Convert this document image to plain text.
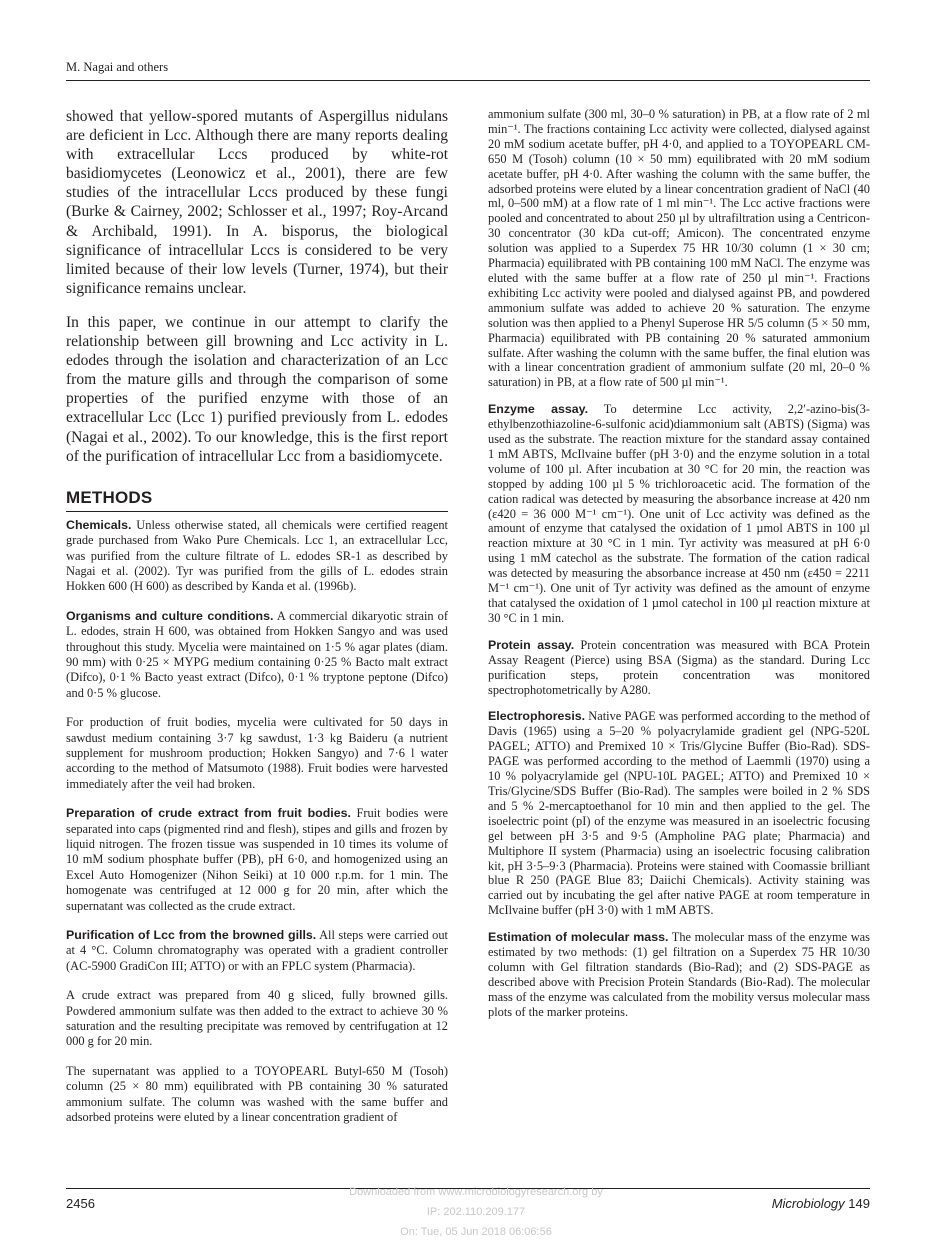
M. Nagai and others

showed that yellow-spored mutants of Aspergillus nidulans are deficient in Lcc. Although there are many reports dealing with extracellular Lccs produced by white-rot basidiomycetes (Leonowicz et al., 2001), there are few studies of the intracellular Lccs produced by these fungi (Burke & Cairney, 2002; Schlosser et al., 1997; Roy-Arcand & Archibald, 1991). In A. bisporus, the biological significance of intracellular Lccs is considered to be very limited because of their low levels (Turner, 1974), but their significance remains unclear.

In this paper, we continue in our attempt to clarify the relationship between gill browning and Lcc activity in L. edodes through the isolation and characterization of an Lcc from the mature gills and through the comparison of some properties of the purified enzyme with those of an extracellular Lcc (Lcc 1) purified previously from L. edodes (Nagai et al., 2002). To our knowledge, this is the first report of the purification of intracellular Lcc from a basidiomycete.

METHODS

Chemicals. Unless otherwise stated, all chemicals were certified reagent grade purchased from Wako Pure Chemicals. Lcc 1, an extracellular Lcc, was purified from the culture filtrate of L. edodes SR-1 as described by Nagai et al. (2002). Tyr was purified from the gills of L. edodes strain Hokken 600 (H 600) as described by Kanda et al. (1996b).

Organisms and culture conditions. A commercial dikaryotic strain of L. edodes, strain H 600, was obtained from Hokken Sangyo and was used throughout this study. Mycelia were maintained on 1·5 % agar plates (diam. 90 mm) with 0·25 × MYPG medium containing 0·25 % Bacto malt extract (Difco), 0·1 % Bacto yeast extract (Difco), 0·1 % tryptone peptone (Difco) and 0·5 % glucose.

For production of fruit bodies, mycelia were cultivated for 50 days in sawdust medium containing 3·7 kg sawdust, 1·3 kg Baideru (a nutrient supplement for mushroom production; Hokken Sangyo) and 7·6 l water according to the method of Matsumoto (1988). Fruit bodies were harvested immediately after the veil had broken.

Preparation of crude extract from fruit bodies. Fruit bodies were separated into caps (pigmented rind and flesh), stipes and gills and frozen by liquid nitrogen. The frozen tissue was suspended in 10 times its volume of 10 mM sodium phosphate buffer (PB), pH 6·0, and homogenized using an Excel Auto Homogenizer (Nihon Seiki) at 10 000 r.p.m. for 1 min. The homogenate was centrifuged at 12 000 g for 20 min, after which the supernatant was collected as the crude extract.

Purification of Lcc from the browned gills. All steps were carried out at 4 °C. Column chromatography was operated with a gradient controller (AC-5900 GradiCon III; ATTO) or with an FPLC system (Pharmacia).

A crude extract was prepared from 40 g sliced, fully browned gills. Powdered ammonium sulfate was then added to the extract to achieve 30 % saturation and the resulting precipitate was removed by centrifugation at 12 000 g for 20 min.

The supernatant was applied to a TOYOPEARL Butyl-650 M (Tosoh) column (25 × 80 mm) equilibrated with PB containing 30 % saturated ammonium sulfate. The column was washed with the same buffer and adsorbed proteins were eluted by a linear concentration gradient of

ammonium sulfate (300 ml, 30–0 % saturation) in PB, at a flow rate of 2 ml min⁻¹. The fractions containing Lcc activity were collected, dialysed against 20 mM sodium acetate buffer, pH 4·0, and applied to a TOYOPEARL CM-650 M (Tosoh) column (10 × 50 mm) equilibrated with 20 mM sodium acetate buffer, pH 4·0. After washing the column with the same buffer, the adsorbed proteins were eluted by a linear concentration gradient of NaCl (40 ml, 0–500 mM) at a flow rate of 1 ml min⁻¹. The Lcc active fractions were pooled and concentrated to about 250 µl by ultrafiltration using a Centricon-30 concentrator (30 kDa cut-off; Amicon). The concentrated enzyme solution was applied to a Superdex 75 HR 10/30 column (1 × 30 cm; Pharmacia) equilibrated with PB containing 100 mM NaCl. The enzyme was eluted with the same buffer at a flow rate of 250 µl min⁻¹. Fractions exhibiting Lcc activity were pooled and dialysed against PB, and powdered ammonium sulfate was added to achieve 20 % saturation. The enzyme solution was then applied to a Phenyl Superose HR 5/5 column (5 × 50 mm, Pharmacia) equilibrated with PB containing 20 % saturated ammonium sulfate. After washing the column with the same buffer, the final elution was with a linear concentration gradient of ammonium sulfate (20 ml, 20–0 % saturation) in PB, at a flow rate of 500 µl min⁻¹.

Enzyme assay. To determine Lcc activity, 2,2′-azino-bis(3-ethylbenzothiazoline-6-sulfonic acid)diammonium salt (ABTS) (Sigma) was used as the substrate. The reaction mixture for the standard assay contained 1 mM ABTS, McIlvaine buffer (pH 3·0) and the enzyme solution in a total volume of 100 µl. After incubation at 30 °C for 20 min, the reaction was stopped by adding 100 µl 5 % trichloroacetic acid. The formation of the cation radical was detected by measuring the absorbance increase at 420 nm (ε420 = 36 000 M⁻¹ cm⁻¹). One unit of Lcc activity was defined as the amount of enzyme that catalysed the oxidation of 1 µmol ABTS in 100 µl reaction mixture at 30 °C in 1 min. Tyr activity was measured at pH 6·0 using 1 mM catechol as the substrate. The formation of the cation radical was detected by measuring the absorbance increase at 450 nm (ε450 = 2211 M⁻¹ cm⁻¹). One unit of Tyr activity was defined as the amount of enzyme that catalysed the oxidation of 1 µmol catechol in 100 µl reaction mixture at 30 °C in 1 min.

Protein assay. Protein concentration was measured with BCA Protein Assay Reagent (Pierce) using BSA (Sigma) as the standard. During Lcc purification steps, protein concentration was monitored spectrophotometrically by A280.

Electrophoresis. Native PAGE was performed according to the method of Davis (1965) using a 5–20 % polyacrylamide gradient gel (NPG-520L PAGEL; ATTO) and Premixed 10 × Tris/Glycine Buffer (Bio-Rad). SDS-PAGE was performed according to the method of Laemmli (1970) using a 10 % polyacrylamide gel (NPU-10L PAGEL; ATTO) and Premixed 10 × Tris/Glycine/SDS Buffer (Bio-Rad). The samples were boiled in 2 % SDS and 5 % 2-mercaptoethanol for 10 min and then applied to the gel. The isoelectric point (pI) of the enzyme was measured in an isoelectric focusing gel between pH 3·5 and 9·5 (Ampholine PAG plate; Pharmacia) and Multiphore II system (Pharmacia) using an isoelectric focusing calibration kit, pH 3·5–9·3 (Pharmacia). Proteins were stained with Coomassie brilliant blue R 250 (PAGE Blue 83; Daiichi Chemicals). Activity staining was carried out by incubating the gel after native PAGE at room temperature in McIlvaine buffer (pH 3·0) with 1 mM ABTS.

Estimation of molecular mass. The molecular mass of the enzyme was estimated by two methods: (1) gel filtration on a Superdex 75 HR 10/30 column with Gel filtration standards (Bio-Rad); and (2) SDS-PAGE as described above with Precision Protein Standards (Bio-Rad). The molecular mass of the enzyme was calculated from the mobility versus molecular mass plots of the marker proteins.

2456	Microbiology 149
Downloaded from www.microbiologyresearch.org by
IP: 202.110.209.177
On: Tue, 05 Jun 2018 06:06:56
